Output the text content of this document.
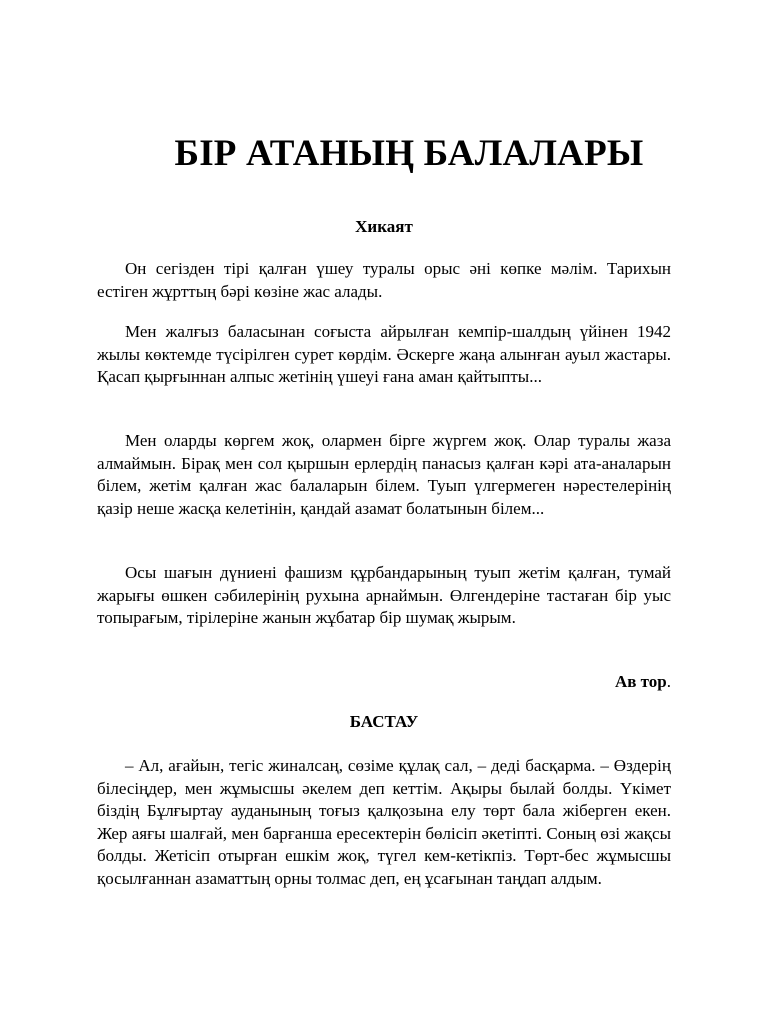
БІР АТАНЫҢ БАЛАЛАРЫ
Хикаят

Он сегізден тірі қалған үшеу туралы орыс әні көпке мәлім. Тарихын естіген жұрттың бәрі көзіне жас алады.

Мен жалғыз баласынан соғыста айрылған кемпір-шалдың үйінен 1942 жылы көктемде түсірілген сурет көрдім. Әскерге жаңа алынған ауыл жастары. Қасап қырғыннан алпыс жетінің үшеуі ғана аман қайтыпты...

Мен оларды көргем жоқ, олармен бірге жүргем жоқ. Олар туралы жаза алмаймын. Бірақ мен сол қыршын ерлердің панасыз қалған кәрі ата-аналарын білем, жетім қалған жас балаларын білем. Туып үлгермеген нәрестелерінің қазір неше жасқа келетінін, қандай азамат болатынын білем...

Осы шағын дүниені фашизм құрбандарының туып жетім қалған, тумай жарығы өшкен сәбилерінің рухына арнаймын. Өлгендеріне тастаған бір уыс топырағым, тірілеріне жанын жұбатар бір шумақ жырым.

Ав тор.
БАСТАУ

– Ал, ағайын, тегіс жиналсаң, сөзіме құлақ сал, – деді басқарма. – Өздерің білесіңдер, мен жұмысшы әкелем деп кеттім. Ақыры былай болды. Үкімет біздің Бұлғыртау ауданының тоғыз қалқозына елу төрт бала жіберген екен. Жер аяғы шалғай, мен барғанша ересектерін бөлісіп әкетіпті. Соның өзі жақсы болды. Жетісіп отырған ешкім жоқ, түгел кем-кетікпіз. Төрт-бес жұмысшы қосылғаннан азаматтың орны толмас деп, ең ұсағынан таңдап алдым.
